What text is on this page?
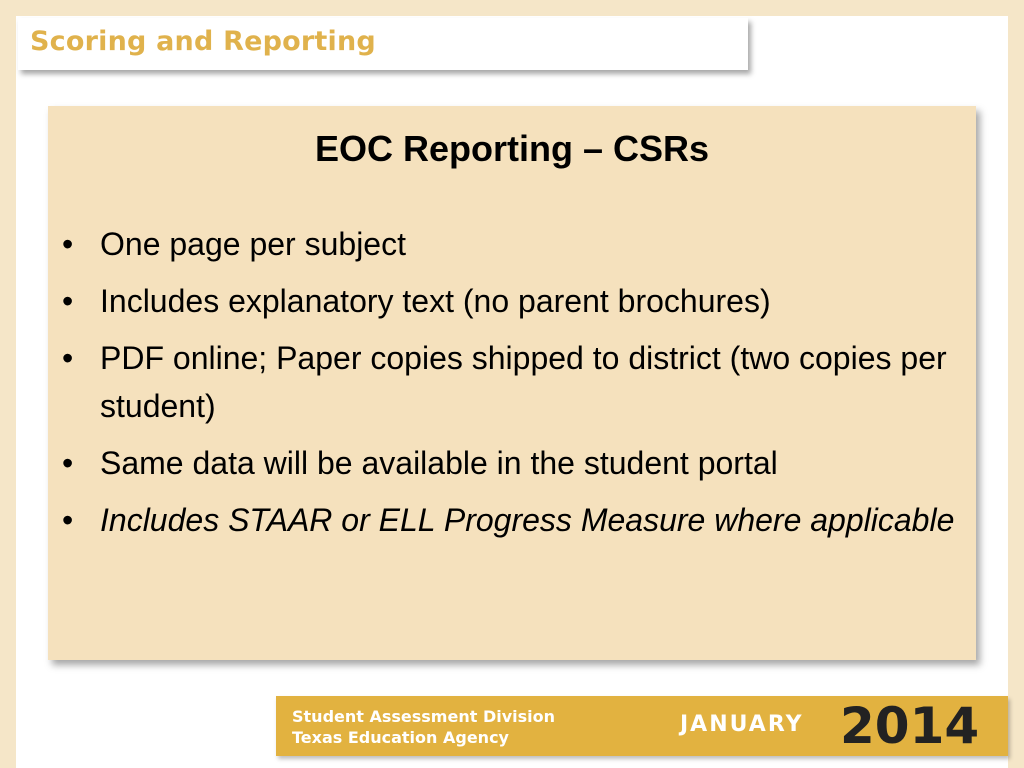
Scoring and Reporting
EOC Reporting – CSRs
• One page per subject
• Includes explanatory text (no parent brochures)
• PDF online; Paper copies shipped to district (two copies per student)
• Same data will be available in the student portal
• Includes STAAR or ELL Progress Measure where applicable
Student Assessment Division
Texas Education Agency
JANUARY 2014
